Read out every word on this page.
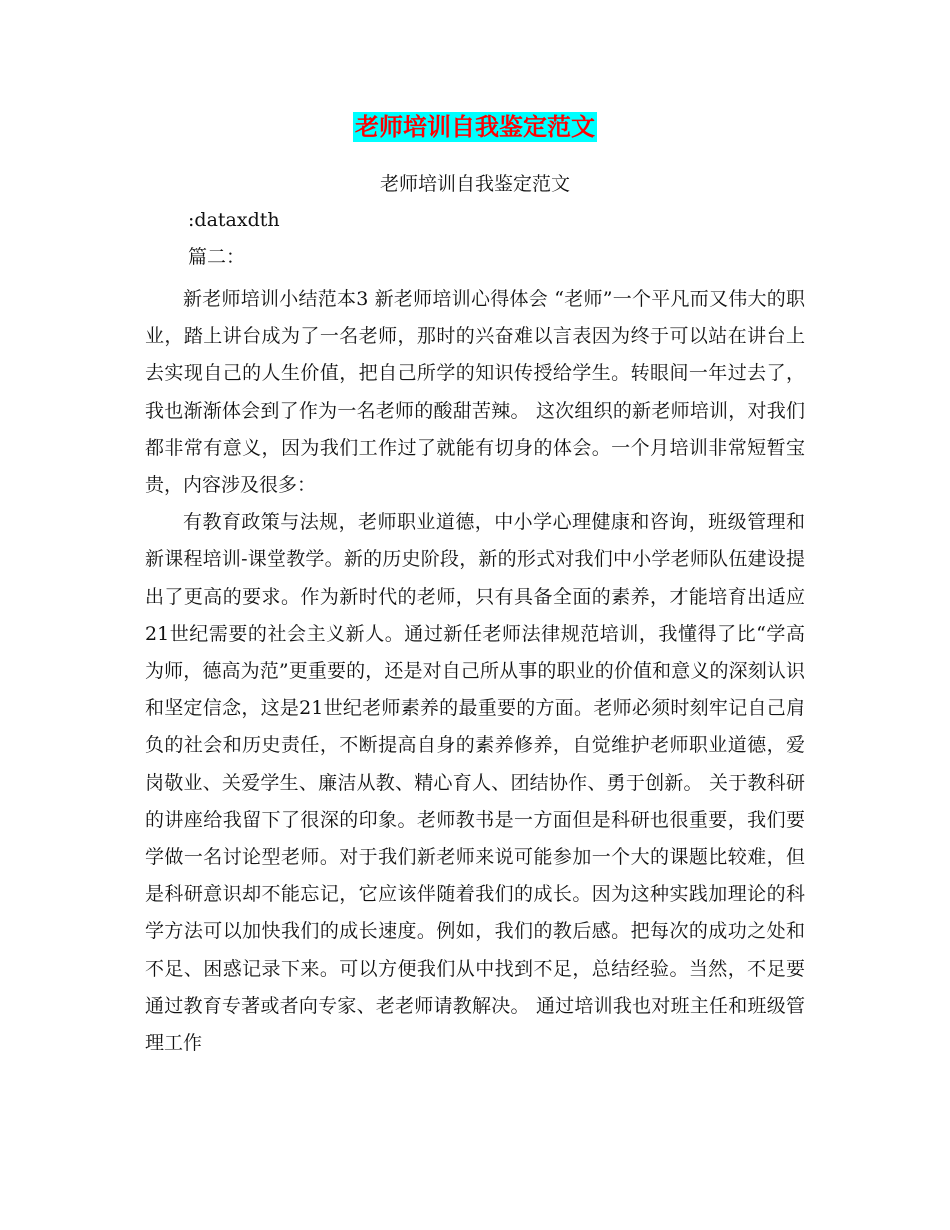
老师培训自我鉴定范文
老师培训自我鉴定范文
:dataxdth
篇二：

新老师培训小结范本3 新老师培训心得体会 “老师”一个平凡而又伟大的职业，踏上讲台成为了一名老师，那时的兴奋难以言表因为终于可以站在讲台上去实现自己的人生价值，把自己所学的知识传授给学生。转眼间一年过去了，我也渐渐体会到了作为一名老师的酸甜苦辣。 这次组织的新老师培训，对我们都非常有意义，因为我们工作过了就能有切身的体会。一个月培训非常短暂宝贵，内容涉及很多：

有教育政策与法规，老师职业道德，中小学心理健康和咨询，班级管理和新课程培训-课堂教学。新的历史阶段，新的形式对我们中小学老师队伍建设提出了更高的要求。作为新时代的老师，只有具备全面的素养，才能培育出适应21世纪需要的社会主义新人。通过新任老师法律规范培训，我懂得了比“学高为师，德高为范”更重要的，还是对自己所从事的职业的价值和意义的深刻认识和坚定信念，这是21世纪老师素养的最重要的方面。老师必须时刻牢记自己肩负的社会和历史责任，不断提高自身的素养修养，自觉维护老师职业道德，爱岗敬业、关爱学生、廉洁从教、精心育人、团结协作、勇于创新。 关于教科研的讲座给我留下了很深的印象。老师教书是一方面但是科研也很重要，我们要学做一名讨论型老师。对于我们新老师来说可能参加一个大的课题比较难，但是科研意识却不能忘记，它应该伴随着我们的成长。因为这种实践加理论的科学方法可以加快我们的成长速度。例如，我们的教后感。把每次的成功之处和不足、困惑记录下来。可以方便我们从中找到不足，总结经验。当然，不足要通过教育专著或者向专家、老老师请教解决。 通过培训我也对班主任和班级管理工作
